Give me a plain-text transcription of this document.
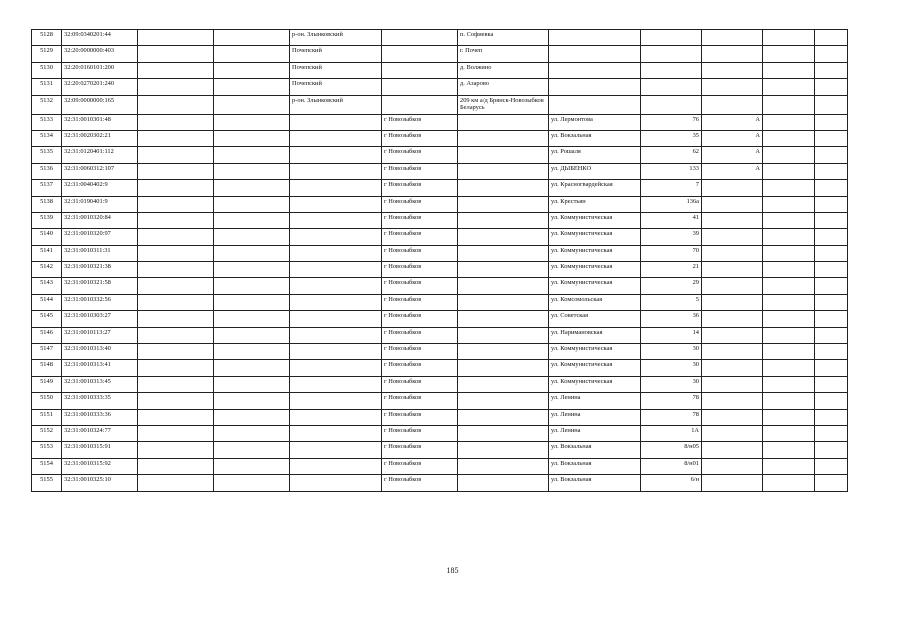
5128	32:09:0340201:44			р-он. Злынковский		п. Софиевка					
5129	32:20:0000000:403			Почепский		г. Почеп					
5130	32:20:0160101:200			Почепский		д. Волжино					
5131	32:20:0270201:240			Почепский		д. Азарово					
5132	32:09:0000000:165			р-он. Злынковский		209 км а/д Брянск-Новозыбков Беларусь					
5133	32:31:0010301:48				г Новозыбков		ул. Лермонтова	76	А		
5134	32:31:0020302:21				г Новозыбков		ул. Вокзальная	35	А		
5135	32:31:0120401:112				г Новозыбков		ул. Рошаля	62	А		
5136	32:31:0060312:107				г Новозыбков		ул. ДЫБЕНКО	133	А		
5137	32:31:0040402:9				г Новозыбков		ул. Красногвардейская	7			
5138	32:31:0190401:9				г Новозыбков		ул. Крестьян	136а			
5139	32:31:0010320:84				г Новозыбков		ул. Коммунистическая	41			
5140	32:31:0010320:97				г Новозыбков		ул. Коммунистическая	39			
5141	32:31:0010311:31				г Новозыбков		ул. Коммунистическая	70			
5142	32:31:0010321:38				г Новозыбков		ул. Коммунистическая	21			
5143	32:31:0010321:58				г Новозыбков		ул. Коммунистическая	29			
5144	32:31:0010332:56				г Новозыбков		ул. Комсомольская	5			
5145	32:31:0010303:27				г Новозыбков		ул. Советская	36			
5146	32:31:0010113:27				г Новозыбков		ул. Наримановская	14			
5147	32:31:0010313:40				г Новозыбков		ул. Коммунистическая	30			
5148	32:31:0010313:41				г Новозыбков		ул. Коммунистическая	30			
5149	32:31:0010313:45				г Новозыбков		ул. Коммунистическая	30			
5150	32:31:0010333:35				г Новозыбков		ул. Ленина	78			
5151	32:31:0010333:36				г Новозыбков		ул. Ленина	78			
5152	32:31:0010324:77				г Новозыбков		ул. Ленина	1А			
5153	32:31:0010315:91				г Новозыбков		ул. Вокзальная	8/н05			
5154	32:31:0010315:92				г Новозыбков		ул. Вокзальная	8/н01			
5155	32:31:0010325:10				г Новозыбков		ул. Вокзальная	6/н			
185
